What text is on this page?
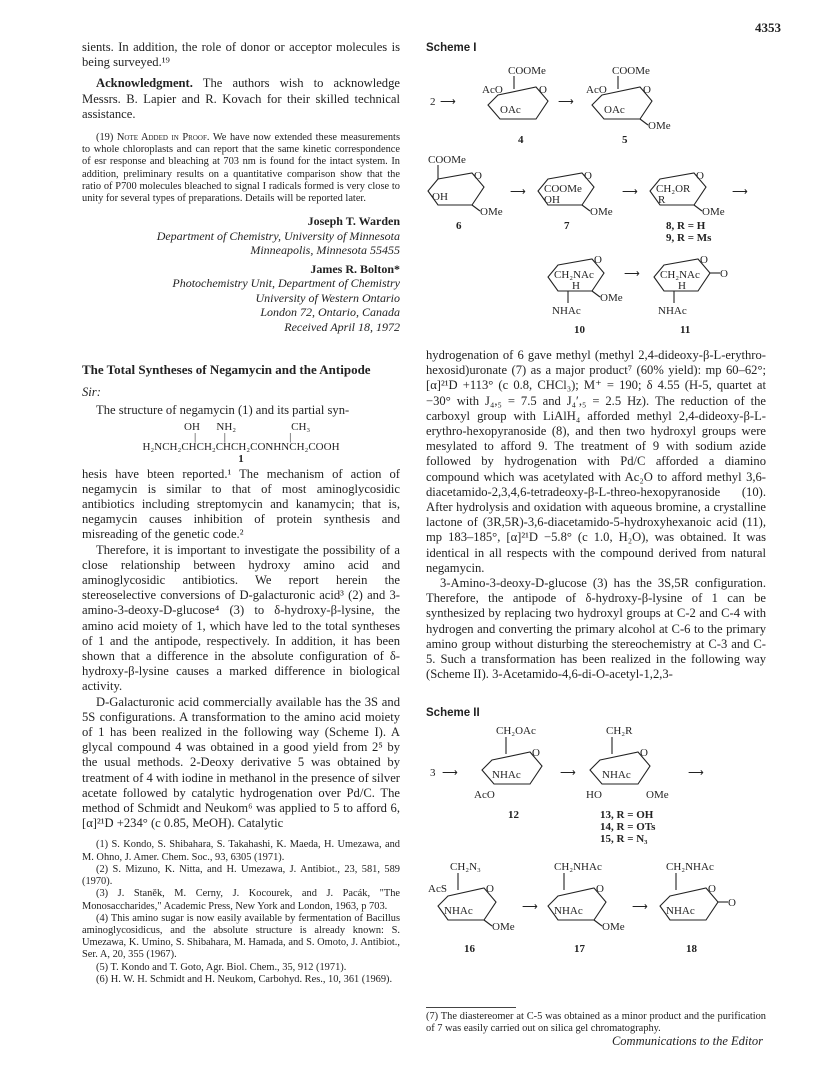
4353

sients. In addition, the role of donor or acceptor molecules is being surveyed.¹⁹

Acknowledgment. The authors wish to acknowledge Messrs. B. Lapier and R. Kovach for their skilled technical assistance.

(19) Note Added in Proof. We have now extended these measurements to whole chloroplasts and can report that the same kinetic correspondence of esr response and bleaching at 703 nm is found for the intact system. In addition, preliminary results on a quantitative comparison show that the ratio of P700 molecules bleached to signal I radicals formed is very close to unity for several types of preparations. Details will be reported later.

Joseph T. Warden
Department of Chemistry, University of Minnesota
Minneapolis, Minnesota 55455
James R. Bolton*
Photochemistry Unit, Department of Chemistry
University of Western Ontario
London 72, Ontario, Canada
Received April 18, 1972

The Total Syntheses of Negamycin and the Antipode

Sir:

The structure of negamycin (1) and its partial syn-

OH      NH₂                    CH₃
|          |                       |
H₂NCH₂CHCH₂CHCH₂CONHNCH₂COOH
1

hesis have bteen reported.¹ The mechanism of action of negamycin is similar to that of most aminoglycosidic antibiotics including streptomycin and kanamycin; that is, negamycin causes inhibition of protein synthesis and misreading of the genetic code.²

Therefore, it is important to investigate the possibility of a close relationship between hydroxy amino acid and aminoglycosidic antibiotics. We report herein the stereoselective conversions of D-galacturonic acid³ (2) and 3-amino-3-deoxy-D-glucose⁴ (3) to δ-hydroxy-β-lysine, the amino acid moiety of 1, which have led to the total syntheses of 1 and the antipode, respectively. In addition, it has been shown that a difference in the absolute configuration of δ-hydroxy-β-lysine causes a marked difference in biological activity.

D-Galacturonic acid commercially available has the 3S and 5S configurations. A transformation to the amino acid moiety of 1 has been realized in the following way (Scheme I). A glycal compound 4 was obtained in a good yield from 2⁵ by the usual methods. 2-Deoxy derivative 5 was obtained by treatment of 4 with iodine in methanol in the presence of silver acetate followed by catalytic hydrogenation over Pd/C. The method of Schmidt and Neukom⁶ was applied to 5 to afford 6, [α]²¹D +234° (c 0.85, MeOH). Catalytic

(1) S. Kondo, S. Shibahara, S. Takahashi, K. Maeda, H. Umezawa, and M. Ohno, J. Amer. Chem. Soc., 93, 6305 (1971).

(2) S. Mizuno, K. Nitta, and H. Umezawa, J. Antibiot., 23, 581, 589 (1970).

(3) J. Staněk, M. Cerny, J. Kocourek, and J. Pacák, "The Monosaccharides," Academic Press, New York and London, 1963, p 703.

(4) This amino sugar is now easily available by fermentation of Bacillus aminoglycosidicus, and the absolute structure is already known: S. Umezawa, K. Umino, S. Shibahara, M. Hamada, and S. Omoto, J. Antibiot., Ser. A, 20, 355 (1967).

(5) T. Kondo and T. Goto, Agr. Biol. Chem., 35, 912 (1971).

(6) H. W. H. Schmidt and H. Neukom, Carbohyd. Res., 10, 361 (1969).

Scheme I
2 ⟶
COOMe
AcO	O
OAc
4
⟶
COOMe
AcO	O
OAc
OMe
5
COOMe
O
OH
OMe
6
⟶
O
COOMe
OH
OMe
7
⟶
O
CH₂OR
R
OMe
8, R = H
9, R = Ms
⟶
O
CH₂NAc
H
OMe
NHAc
10
⟶
O
CH₂NAc
H
O
NHAc
11

hydrogenation of 6 gave methyl (methyl 2,4-dideoxy-β-L-erythro-hexosid)uronate (7) as a major product⁷ (60% yield): mp 60–62°; [α]²¹D +113° (c 0.8, CHCl₃); M⁺ = 190; δ 4.55 (H-5, quartet at −30° with J₄,₅ = 7.5 and J₄′,₅ = 2.5 Hz). The reduction of the carboxyl group with LiAlH₄ afforded methyl 2,4-dideoxy-β-L-erythro-hexopyranoside (8), and then two hydroxyl groups were mesylated to afford 9. The treatment of 9 with sodium azide followed by hydrogenation with Pd/C afforded a diamino compound which was acetylated with Ac₂O to afford methyl 3,6-diacetamido-2,3,4,6-tetradeoxy-β-L-threo-hexopyranoside (10). After hydrolysis and oxidation with aqueous bromine, a crystalline lactone of (3R,5R)-3,6-diacetamido-5-hydroxyhexanoic acid (11), mp 183–185°, [α]²¹D −5.8° (c 1.0, H₂O), was obtained. It was identical in all respects with the compound derived from natural negamycin.

3-Amino-3-deoxy-D-glucose (3) has the 3S,5R configuration. Therefore, the antipode of δ-hydroxy-β-lysine of 1 can be synthesized by replacing two hydroxyl groups at C-2 and C-4 with hydrogen and converting the primary alcohol at C-6 to the primary amino group without disturbing the stereochemistry at C-3 and C-5. Such a transformation has been realized in the following way (Scheme II). 3-Acetamido-4,6-di-O-acetyl-1,2,3-

Scheme II
3 ⟶
CH₂OAc
O
NHAc
AcO
12
⟶
CH₂R
O
NHAc
HO	OMe
13, R = OH
14, R = OTs
15, R = N₃
⟶
CH₂N₃
AcS	O
NHAc
OMe
16
⟶
CH₂NHAc
O
NHAc
OMe
17
⟶
CH₂NHAc
O
NHAc
O
18
(7) The diastereomer at C-5 was obtained as a minor product and the purification of 7 was easily carried out on silica gel chromatography.
Communications to the Editor
